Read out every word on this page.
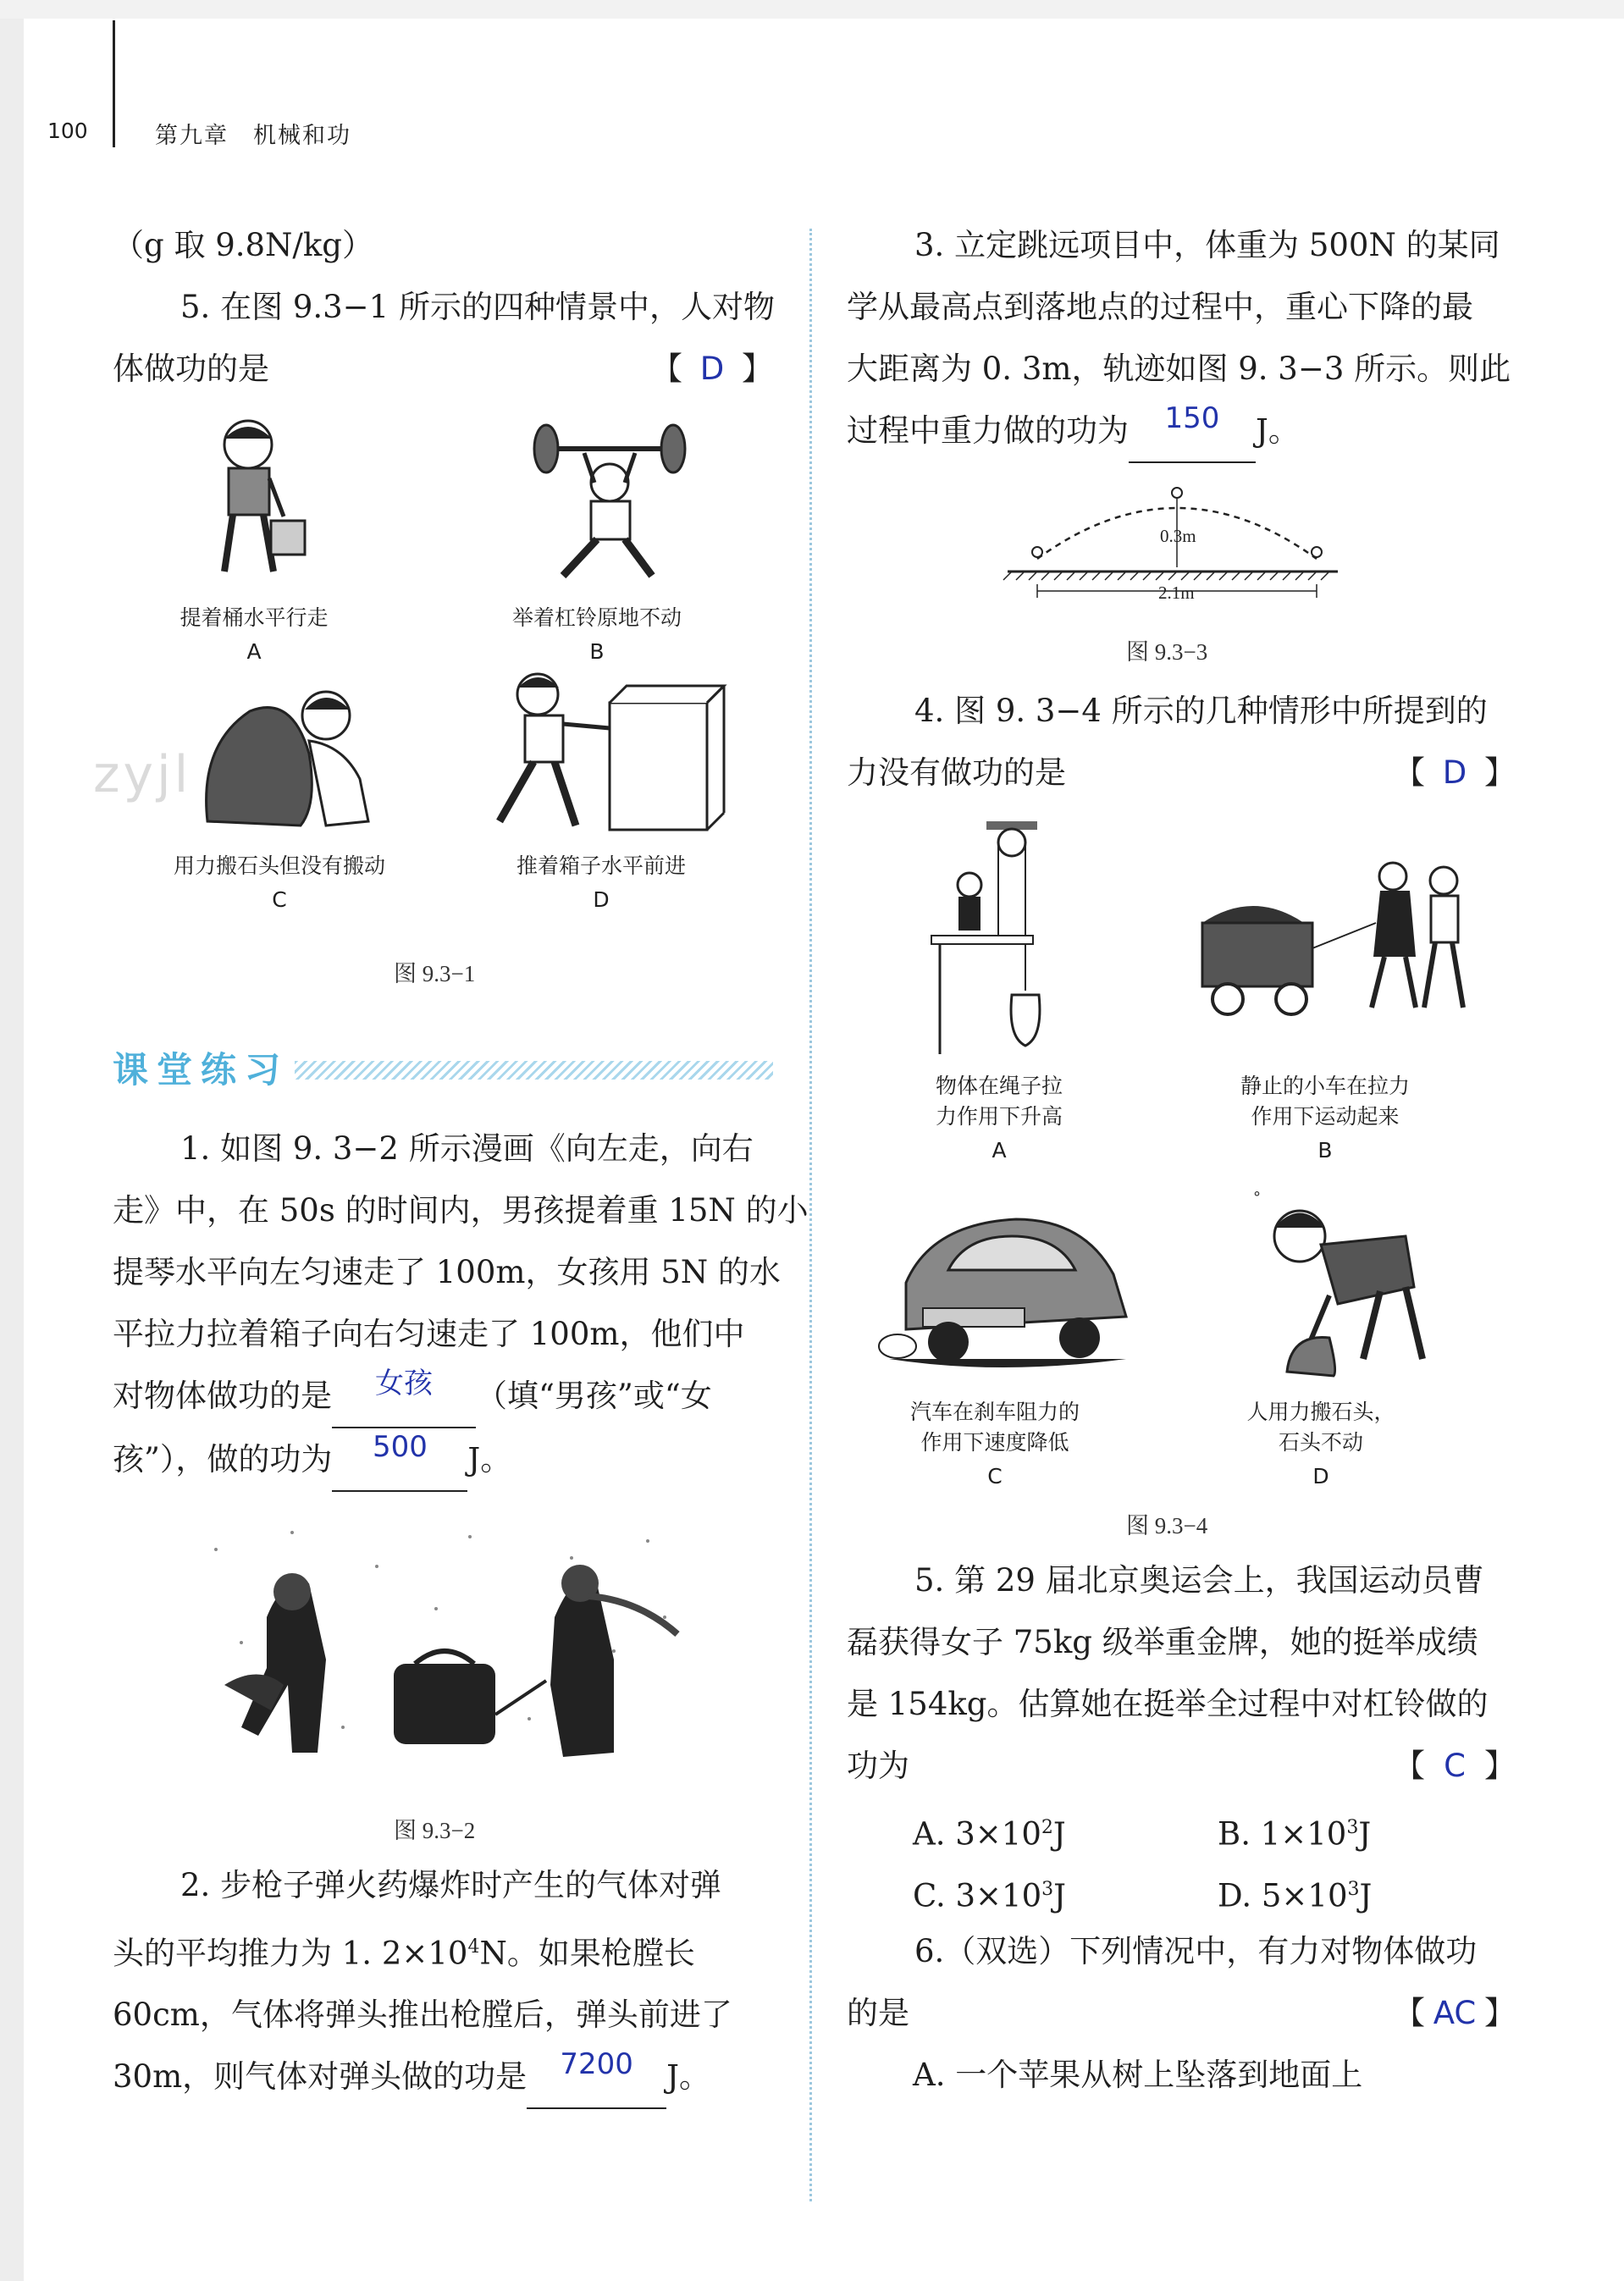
100	第九章　机械和功
（g 取 9.8N/kg）
5. 在图 9.3−1 所示的四种情景中，人对物
体做功的是	【 D 】
提着桶水平行走
A
举着杠铃原地不动
B
zyjl
用力搬石头但没有搬动
C
推着箱子水平前进
D
图 9.3−1
课堂练习
1. 如图 9. 3−2 所示漫画《向左走，向右
走》中，在 50s 的时间内，男孩提着重 15N 的小
提琴水平向左匀速走了 100m，女孩用 5N 的水
平拉力拉着箱子向右匀速走了 100m，他们中
对物体做功的是	女孩	（填“男孩”或“女
孩”），做的功为	500	J。
图 9.3−2
2. 步枪子弹火药爆炸时产生的气体对弹
头的平均推力为 1. $2\times 10^4N$。如果枪膛长
60cm，气体将弹头推出枪膛后，弹头前进了
30m，则气体对弹头做的功是	7200	J。
3. 立定跳远项目中，体重为 500N 的某同
学从最高点到落地点的过程中，重心下降的最
大距离为 0. 3m，轨迹如图 9. 3−3 所示。则此
过程中重力做的功为	150	J。
0.3m
2.1m
图 9.3−3
4. 图 9. 3−4 所示的几种情形中所提到的
力没有做功的是	【 D 】
物体在绳子拉
力作用下升高
A
静止的小车在拉力
作用下运动起来
B
°
汽车在刹车阻力的
作用下速度降低
C
人用力搬石头，
石头不动
D
图 9.3−4
5. 第 29 届北京奥运会上，我国运动员曹
磊获得女子 75kg 级举重金牌，她的挺举成绩
是 154kg。估算她在挺举全过程中对杠铃做的
功为	【 C 】
A. $3\times 10^2J$	B. $1\times 10^3J$
C. $3\times 10^3J$	D. $5\times 10^3J$
6.（双选）下列情况中，有力对物体做功
的是	【 AC 】
A. 一个苹果从树上坠落到地面上
